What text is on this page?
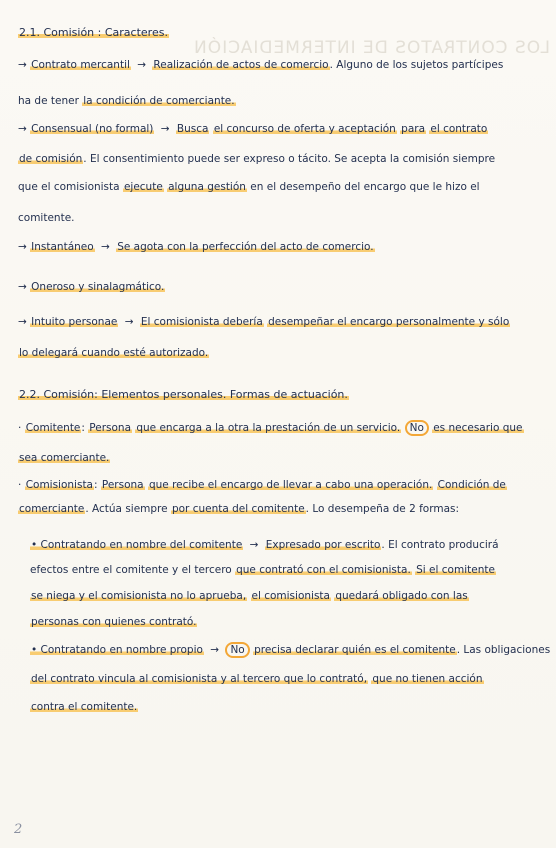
LOS CONTRATOS DE INTERMEDIACIÓN
2.1. Comisión : Caracteres.
→ Contrato mercantil → Realización de actos de comercio. Alguno de los sujetos partícipes
ha de tener la condición de comerciante.
→ Consensual (no formal) → Busca el concurso de oferta y aceptación para el contrato
de comisión. El consentimiento puede ser expreso o tácito. Se acepta la comisión siempre
que el comisionista ejecute alguna gestión en el desempeño del encargo que le hizo el
comitente.
→ Instantáneo → Se agota con la perfección del acto de comercio.
→ Oneroso y sinalagmático.
→ Intuito personae → El comisionista debería desempeñar el encargo personalmente y sólo
lo delegará cuando esté autorizado.
2.2. Comisión: Elementos personales. Formas de actuación.
· Comitente: Persona que encarga a la otra la prestación de un servicio. No es necesario que
sea comerciante.
· Comisionista: Persona que recibe el encargo de llevar a cabo una operación. Condición de
comerciante. Actúa siempre por cuenta del comitente. Lo desempeña de 2 formas:
• Contratando en nombre del comitente → Expresado por escrito. El contrato producirá
efectos entre el comitente y el tercero que contrató con el comisionista. Si el comitente
se niega y el comisionista no lo aprueba, el comisionista quedará obligado con las
personas con quienes contrató.
• Contratando en nombre propio → No precisa declarar quién es el comitente. Las obligaciones
del contrato vincula al comisionista y al tercero que lo contrató, que no tienen acción
contra el comitente.
2
